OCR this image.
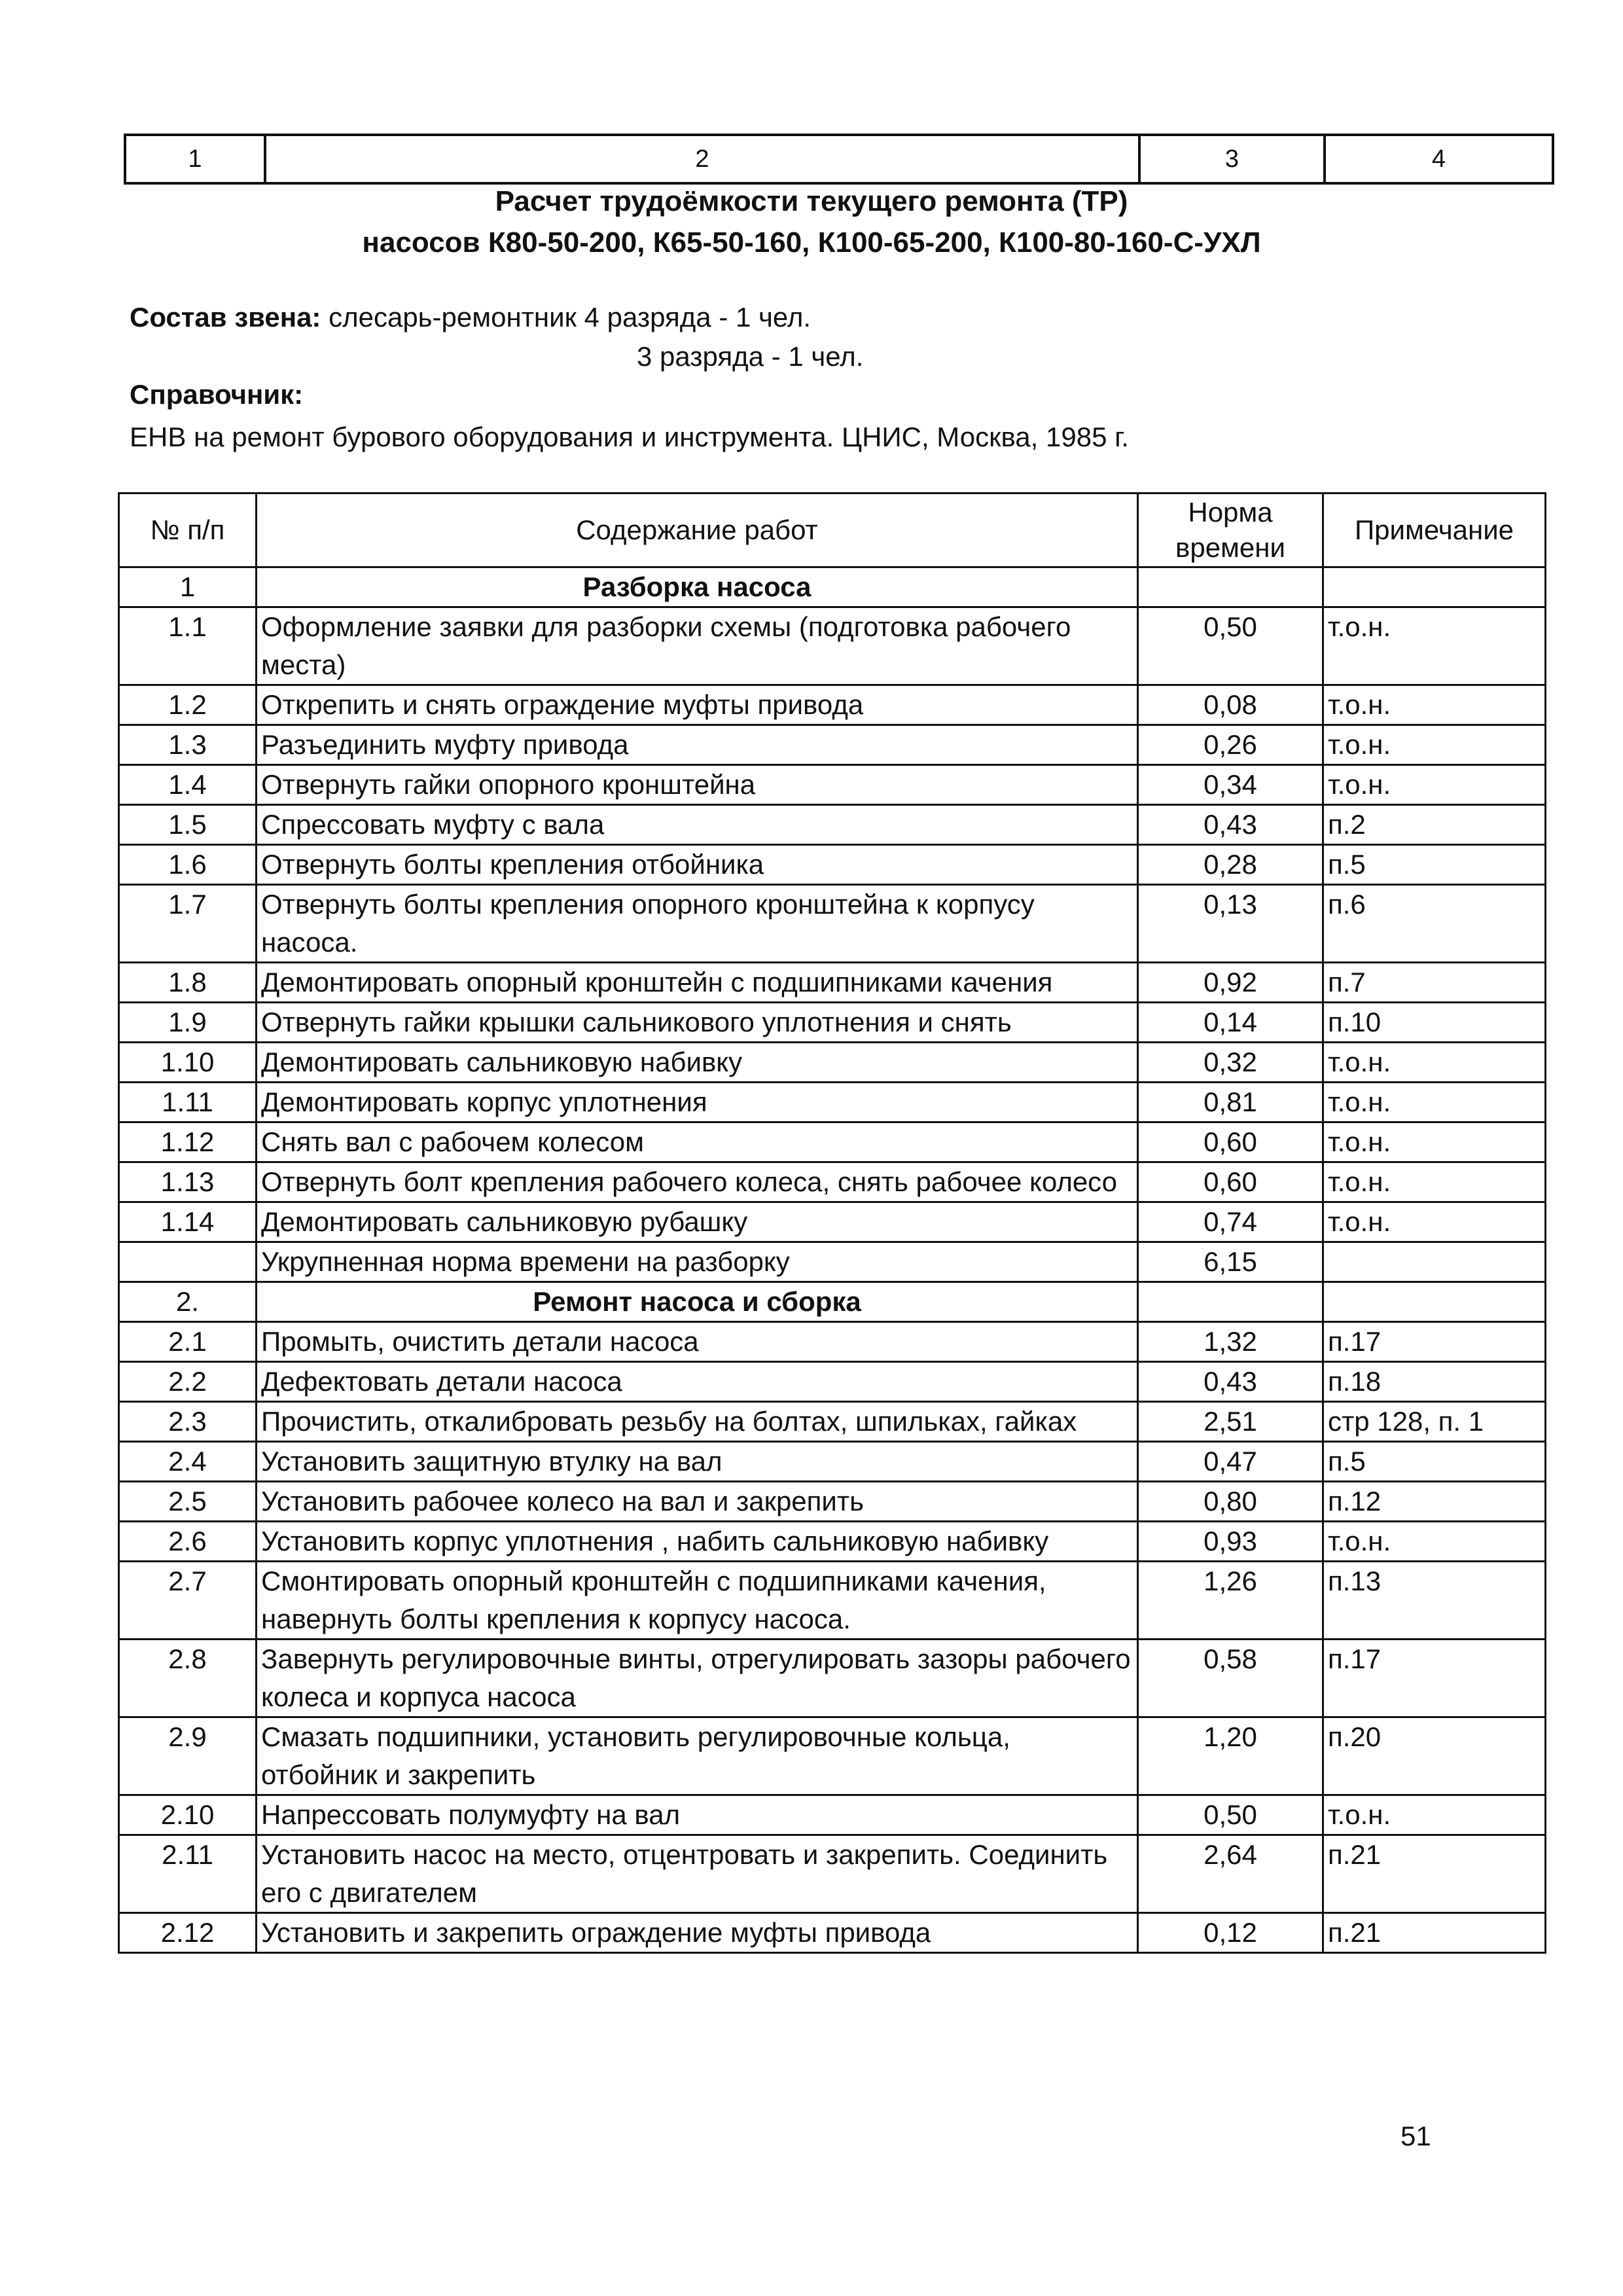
1	2	3	4
Расчет трудоёмкости текущего ремонта (ТР)
насосов К80-50-200, К65-50-160, К100-65-200, К100-80-160-С-УХЛ
Состав звена: слесарь-ремонтник 4 разряда - 1 чел.
3 разряда - 1 чел.
Справочник:
ЕНВ на ремонт бурового оборудования и инструмента. ЦНИС, Москва, 1985 г.
№ п/п	Содержание работ	Норма времени	Примечание
1	Разборка насоса		
1.1	Оформление заявки для разборки схемы (подготовка рабочего места)	0,50	т.о.н.
1.2	Открепить и снять ограждение муфты привода	0,08	т.о.н.
1.3	Разъединить муфту привода	0,26	т.о.н.
1.4	Отвернуть гайки опорного кронштейна	0,34	т.о.н.
1.5	Спрессовать муфту с вала	0,43	п.2
1.6	Отвернуть болты крепления отбойника	0,28	п.5
1.7	Отвернуть болты крепления опорного кронштейна к корпусу насоса.	0,13	п.6
1.8	Демонтировать опорный кронштейн с подшипниками качения	0,92	п.7
1.9	Отвернуть гайки крышки сальникового уплотнения и снять	0,14	п.10
1.10	Демонтировать сальниковую набивку	0,32	т.о.н.
1.11	Демонтировать корпус уплотнения	0,81	т.о.н.
1.12	Снять вал с рабочем колесом	0,60	т.о.н.
1.13	Отвернуть болт крепления рабочего колеса, снять рабочее колесо	0,60	т.о.н.
1.14	Демонтировать сальниковую рубашку	0,74	т.о.н.
	Укрупненная норма времени на разборку	6,15	
2.	Ремонт насоса и сборка		
2.1	Промыть, очистить детали насоса	1,32	п.17
2.2	Дефектовать детали насоса	0,43	п.18
2.3	Прочистить, откалибровать резьбу на болтах, шпильках, гайках	2,51	стр 128, п. 1
2.4	Установить защитную втулку на вал	0,47	п.5
2.5	Установить рабочее колесо на вал и закрепить	0,80	п.12
2.6	Установить корпус уплотнения , набить сальниковую набивку	0,93	т.о.н.
2.7	Смонтировать опорный кронштейн с подшипниками качения, навернуть болты крепления к корпусу насоса.	1,26	п.13
2.8	Завернуть регулировочные винты, отрегулировать зазоры рабочего колеса и корпуса насоса	0,58	п.17
2.9	Смазать подшипники, установить регулировочные кольца, отбойник и закрепить	1,20	п.20
2.10	Напрессовать полумуфту на вал	0,50	т.о.н.
2.11	Установить насос на место, отцентровать и закрепить. Соединить его с двигателем	2,64	п.21
2.12	Установить и закрепить ограждение муфты привода	0,12	п.21
51
